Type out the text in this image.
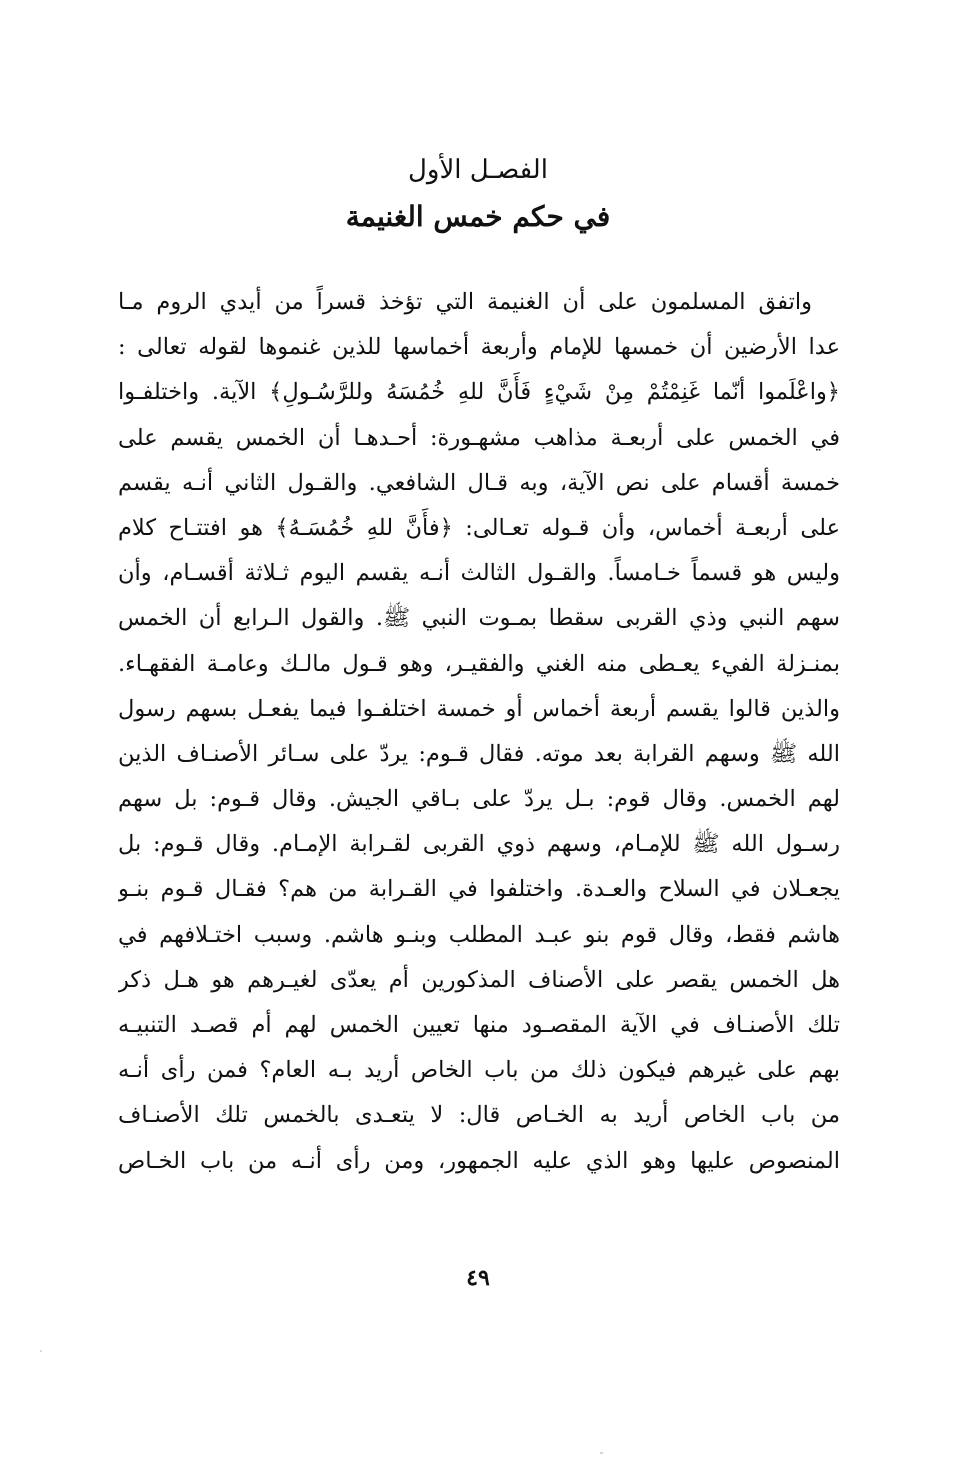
الفصـل الأول
في حكم خمس الغنيمة
واتفق المسلمون على أن الغنيمة التي تؤخذ قسراً من أيدي الروم مـا
عدا الأرضين أن خمسها للإمام وأربعة أخماسها للذين غنموها لقوله تعالى :
﴿واعْلَموا أنّما غَنِمْتُمْ مِنْ شَيْءٍ فَأَنَّ للهِ خُمُسَهُ وللرَّسُـولِ﴾ الآية. واختلفـوا
في الخمس على أربعـة مذاهب مشهـورة: أحـدهـا أن الخمس يقسم على
خمسة أقسام على نص الآية، وبه قـال الشافعي. والقـول الثاني أنـه يقسم
على أربعـة أخماس، وأن قـوله تعـالى: ﴿فأَنَّ للهِ خُمُسَـهُ﴾ هو افتتـاح كلام
وليس هو قسماً خـامساً. والقـول الثالث أنـه يقسم اليوم ثـلاثة أقسـام، وأن
سهم النبي وذي القربى سقطا بمـوت النبي ﷺ. والقول الـرابع أن الخمس
بمنـزلة الفيء يعـطى منه الغني والفقيـر، وهو قـول مالـك وعامـة الفقهـاء.
والذين قالوا يقسم أربعة أخماس أو خمسة اختلفـوا فيما يفعـل بسهم رسول
الله ﷺ وسهم القرابة بعد موته. فقال قـوم: يردّ على سـائر الأصنـاف الذين
لهم الخمس. وقال قوم: بـل يردّ على بـاقي الجيش. وقال قـوم: بل سهم
رسـول الله ﷺ للإمـام، وسهم ذوي القربى لقـرابة الإمـام. وقال قـوم: بل
يجعـلان في السلاح والعـدة. واختلفوا في القـرابة من هم؟ فقـال قـوم بنـو
هاشم فقط، وقال قوم بنو عبـد المطلب وبنـو هاشم. وسبب اختـلافهم في
هل الخمس يقصر على الأصناف المذكورين أم يعدّى لغيـرهم هو هـل ذكر
تلك الأصنـاف في الآية المقصـود منها تعيين الخمس لهم أم قصـد التنبيـه
بهم على غيرهم فيكون ذلك من باب الخاص أريد بـه العام؟ فمن رأى أنـه
من باب الخاص أريد به الخـاص قال: لا يتعـدى بالخمس تلك الأصنـاف
المنصوص عليها وهو الذي عليه الجمهور، ومن رأى أنـه من باب الخـاص
٤٩
